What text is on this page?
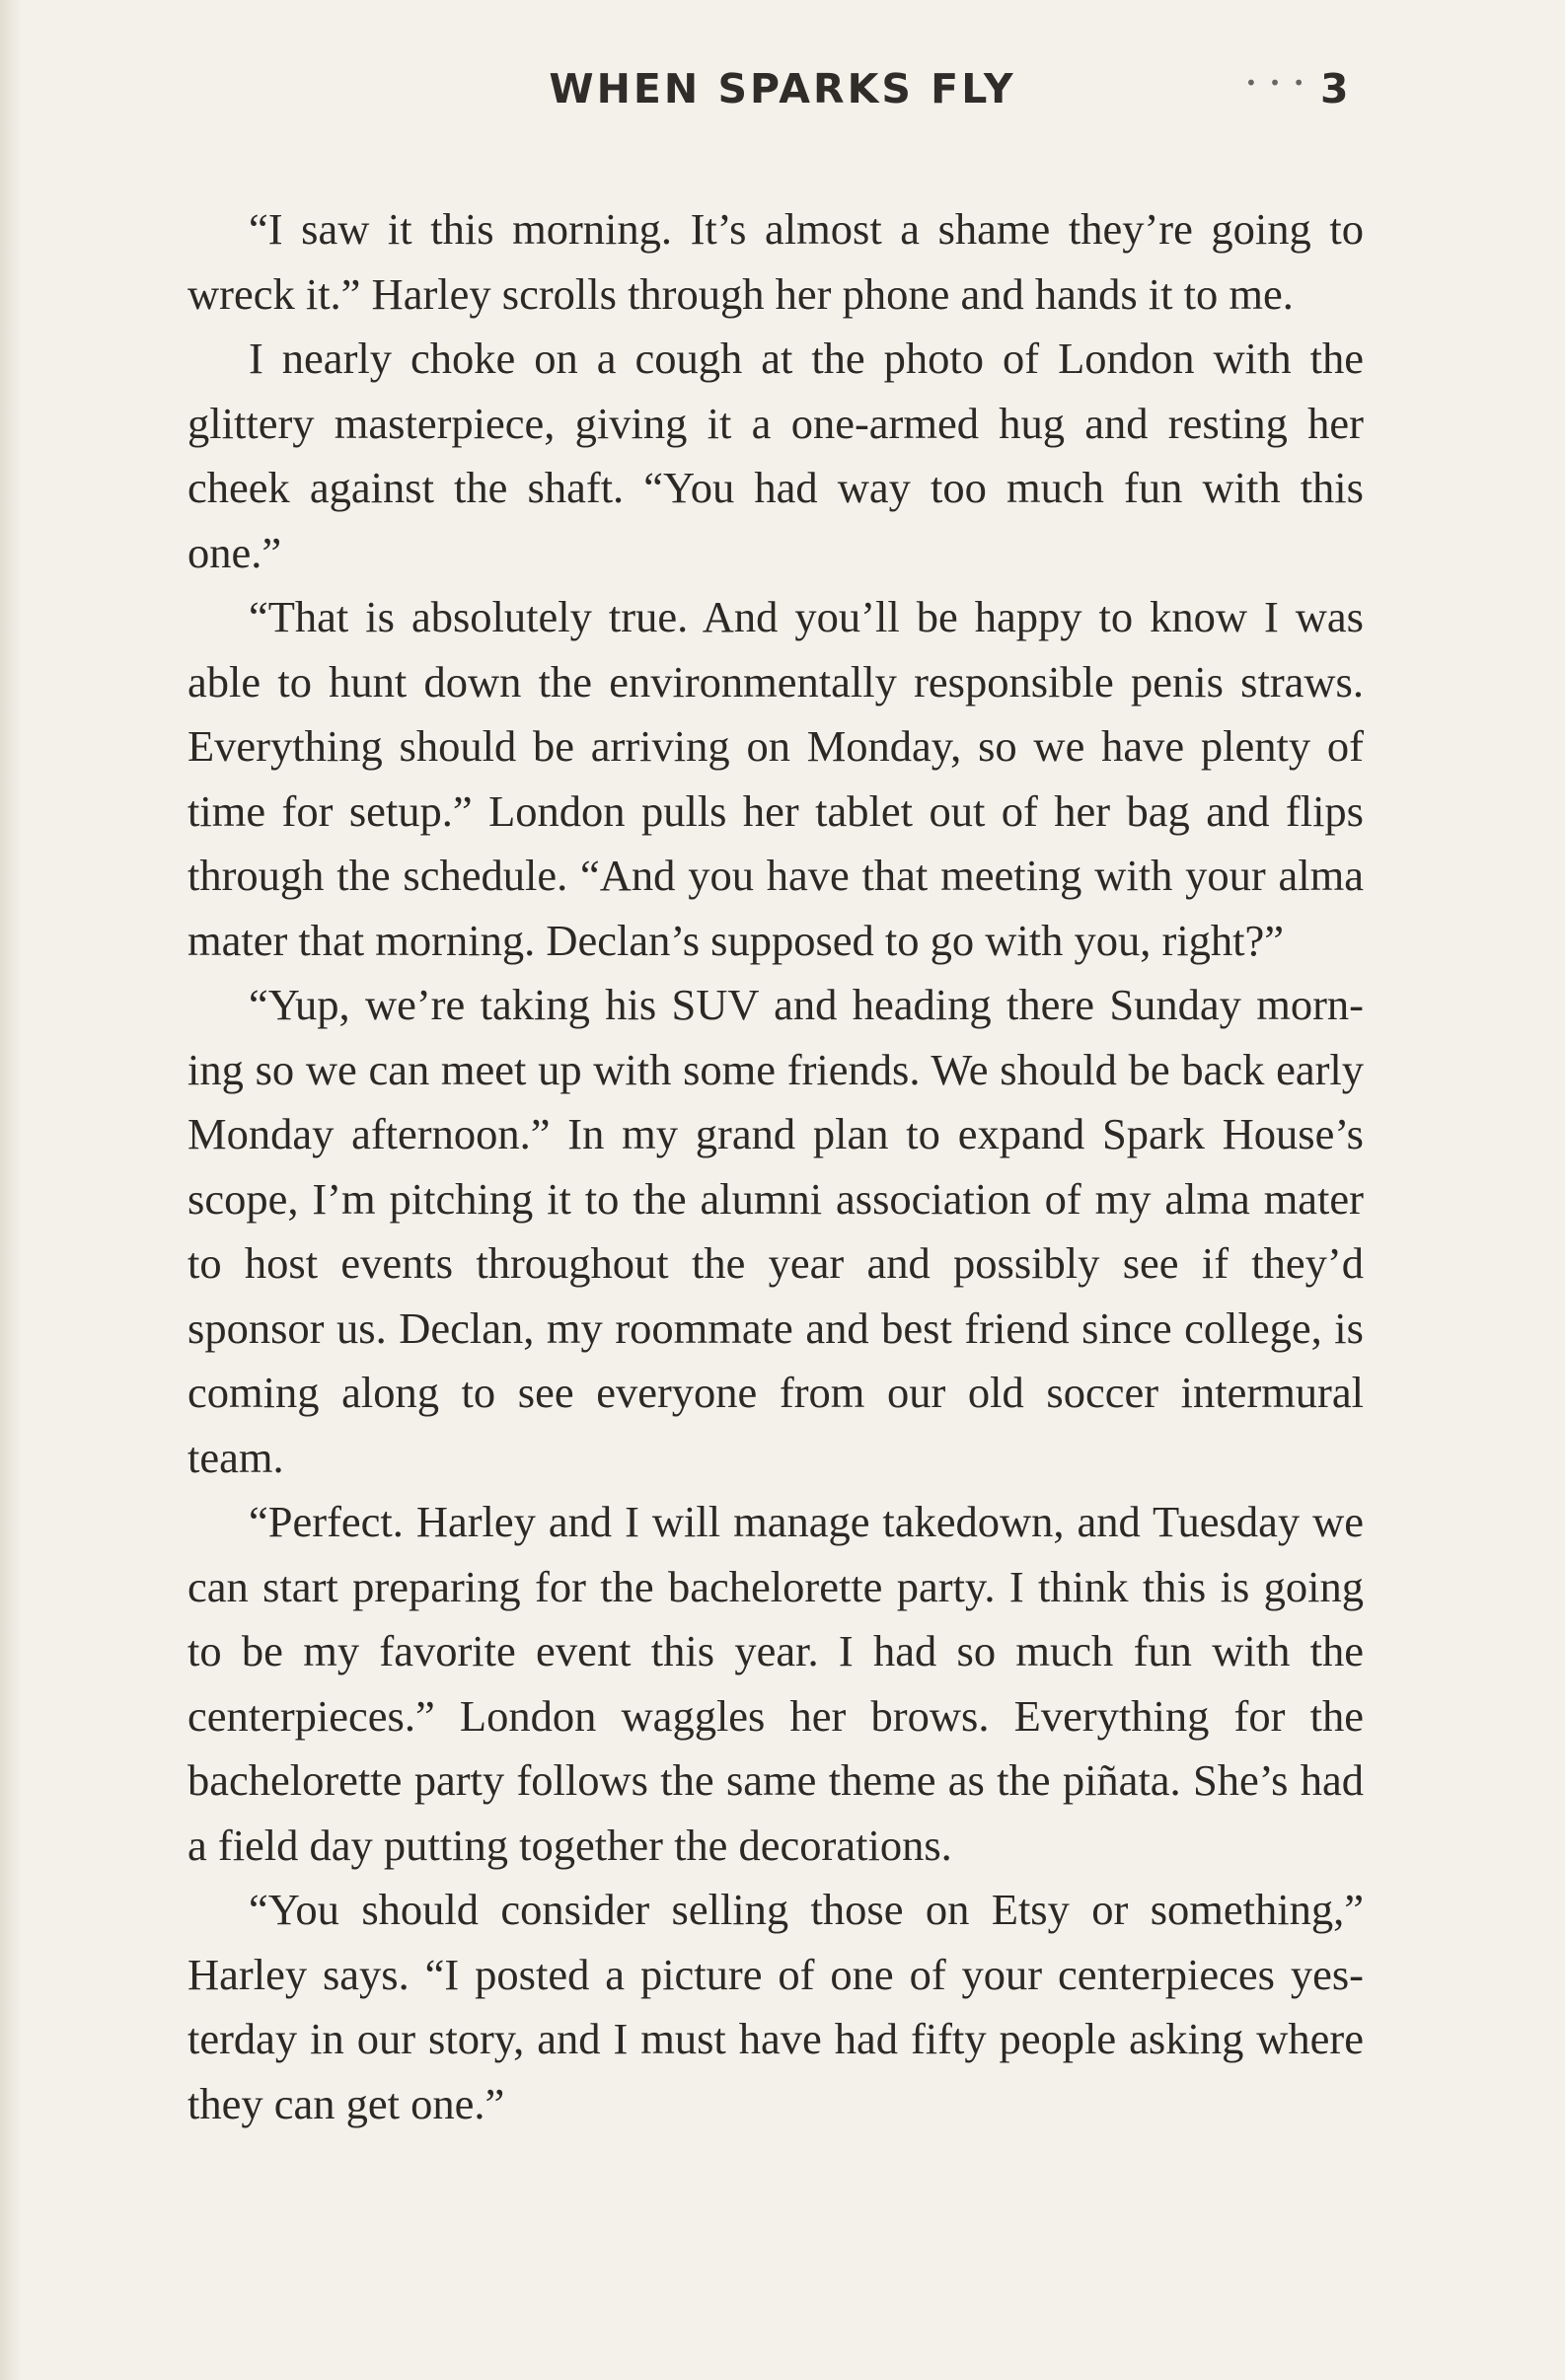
WHEN SPARKS FLY	• • • 3

“I saw it this morning. It’s almost a shame they’re going to wreck it.” Harley scrolls through her phone and hands it to me.

I nearly choke on a cough at the photo of London with the glittery masterpiece, giving it a one-armed hug and resting her cheek against the shaft. “You had way too much fun with this one.”

“That is absolutely true. And you’ll be happy to know I was able to hunt down the environmentally responsible penis straws. Everything should be arriving on Monday, so we have plenty of time for setup.” London pulls her tablet out of her bag and flips through the schedule. “And you have that meeting with your alma mater that morning. Declan’s supposed to go with you, right?”

“Yup, we’re taking his SUV and heading there Sunday morning so we can meet up with some friends. We should be back early Monday afternoon.” In my grand plan to expand Spark House’s scope, I’m pitching it to the alumni association of my alma mater to host events throughout the year and possibly see if they’d sponsor us. Declan, my roommate and best friend since college, is coming along to see everyone from our old soccer intermural team.

“Perfect. Harley and I will manage takedown, and Tuesday we can start preparing for the bachelorette party. I think this is going to be my favorite event this year. I had so much fun with the centerpieces.” London waggles her brows. Everything for the bachelorette party follows the same theme as the piñata. She’s had a field day putting together the decorations.

“You should consider selling those on Etsy or something,” Harley says. “I posted a picture of one of your centerpieces yesterday in our story, and I must have had fifty people asking where they can get one.”
